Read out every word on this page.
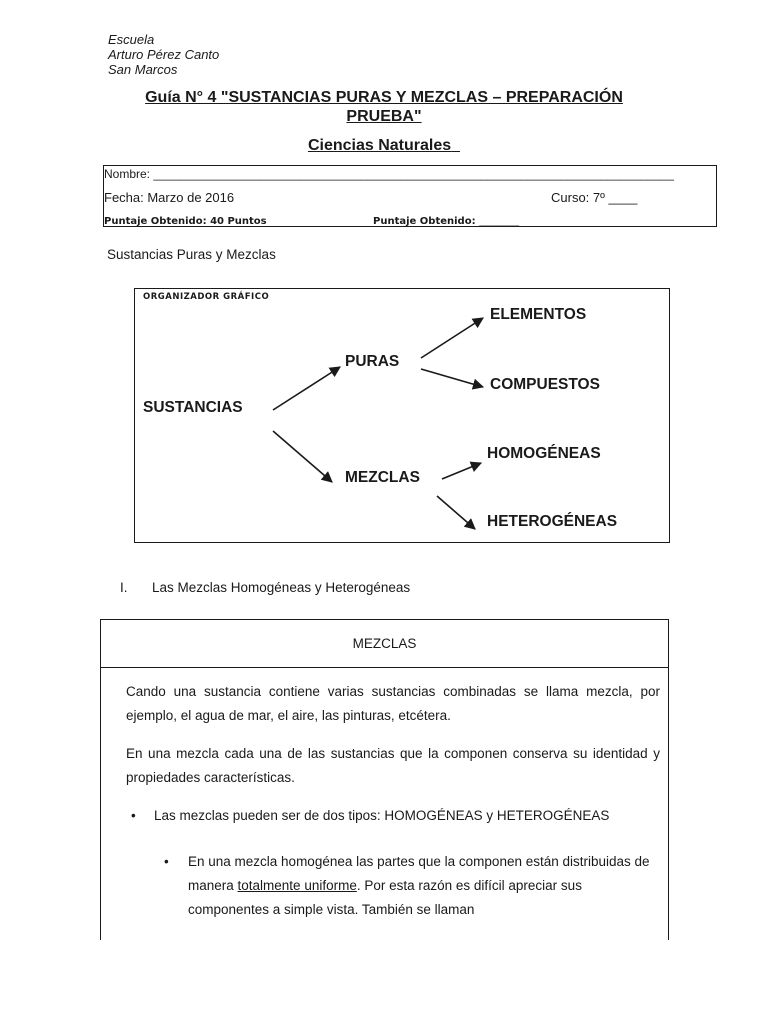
Escuela
Arturo Pérez Canto
San Marcos
Guía N° 4 "SUSTANCIAS PURAS Y MEZCLAS – PREPARACIÓN
PRUEBA"
Ciencias Naturales
Nombre: ______________________________________________________________________________
Fecha: Marzo de 2016	Curso: 7º ____
Puntaje Obtenido: 40 Puntos	Puntaje Obtenido: ________
Sustancias Puras y Mezclas
ORGANIZADOR GRÁFICO
SUSTANCIAS
PURAS
MEZCLAS
ELEMENTOS
COMPUESTOS
HOMOGÉNEAS
HETEROGÉNEAS
I. Las Mezclas Homogéneas y Heterogéneas
MEZCLAS

Cando una sustancia contiene varias sustancias combinadas se llama mezcla, por ejemplo, el agua de mar, el aire, las pinturas, etcétera.

En una mezcla cada una de las sustancias que la componen conserva su identidad y propiedades características.

• Las mezclas pueden ser de dos tipos: HOMOGÉNEAS y HETEROGÉNEAS
• En una mezcla homogénea las partes que la componen están distribuidas de manera totalmente uniforme. Por esta razón es difícil apreciar sus componentes a simple vista. También se llaman
